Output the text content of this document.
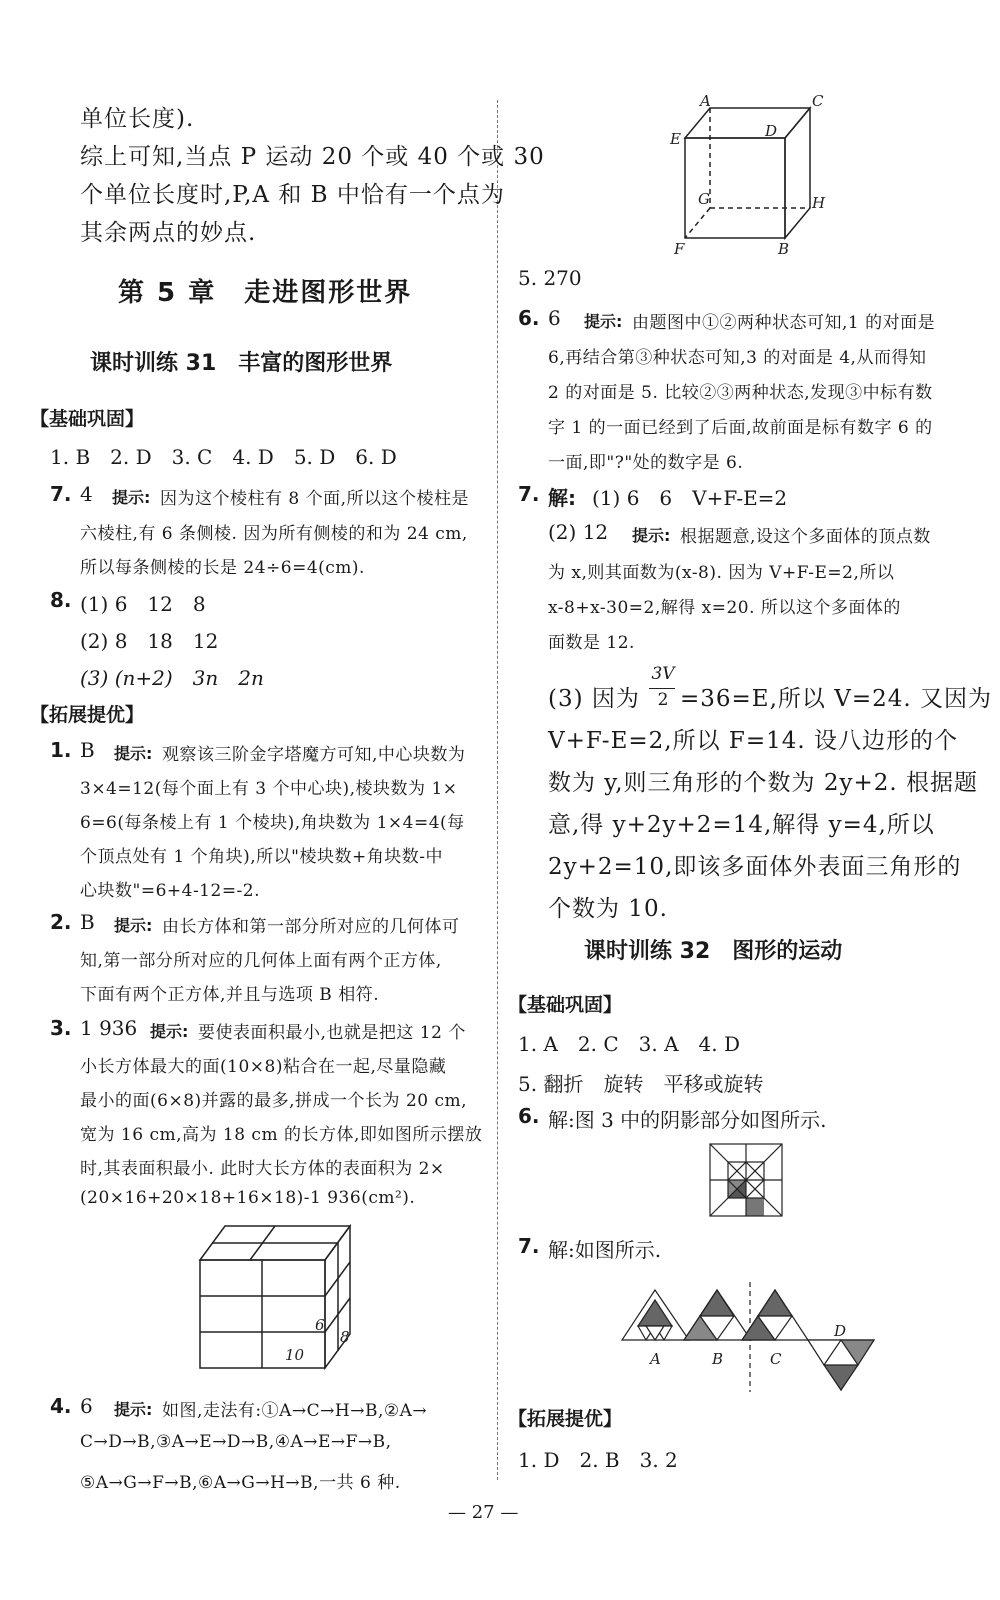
单位长度).
综上可知,当点 P 运动 20 个或 40 个或 30
个单位长度时,P,A 和 B 中恰有一个点为
其余两点的妙点.
第 5 章　走进图形世界
课时训练 31　丰富的图形世界
【基础巩固】
1. B　2. D　3. C　4. D　5. D　6. D
7. 4 提示: 因为这个棱柱有 8 个面,所以这个棱柱是
六棱柱,有 6 条侧棱. 因为所有侧棱的和为 24 cm,
所以每条侧棱的长是 24÷6=4(cm).
8. (1) 6　12　8
(2) 8　18　12
(3) (n+2)　3n　2n
【拓展提优】
1. B 提示: 观察该三阶金字塔魔方可知,中心块数为
3×4=12(每个面上有 3 个中心块),棱块数为 1×
6=6(每条棱上有 1 个棱块),角块数为 1×4=4(每
个顶点处有 1 个角块),所以"棱块数+角块数-中
心块数"=6+4-12=-2.
2. B 提示: 由长方体和第一部分所对应的几何体可
知,第一部分所对应的几何体上面有两个正方体,
下面有两个正方体,并且与选项 B 相符.
3. 1 936 提示: 要使表面积最小,也就是把这 12 个
小长方体最大的面(10×8)粘合在一起,尽量隐藏
最小的面(6×8)并露的最多,拼成一个长为 20 cm,
宽为 16 cm,高为 18 cm 的长方体,即如图所示摆放
时,其表面积最小. 此时大长方体的表面积为 2×
(20×16+20×18+16×18)-1 936(cm²).
6
8
10
4. 6 提示: 如图,走法有:①A→C→H→B,②A→
C→D→B,③A→E→D→B,④A→E→F→B,
⑤A→G→F→B,⑥A→G→H→B,一共 6 种.
A	C
E	D
G	H
F	B
5. 270
6. 6 提示: 由题图中①②两种状态可知,1 的对面是
6,再结合第③种状态可知,3 的对面是 4,从而得知
2 的对面是 5. 比较②③两种状态,发现③中标有数
字 1 的一面已经到了后面,故前面是标有数字 6 的
一面,即"?"处的数字是 6.
7. 解: (1) 6　6　V+F-E=2
(2) 12 提示: 根据题意,设这个多面体的顶点数
为 x,则其面数为(x-8). 因为 V+F-E=2,所以
x-8+x-30=2,解得 x=20. 所以这个多面体的
面数是 12.
(3) 因为
3V
2 =36=E,所以 V=24. 又因为
V+F-E=2,所以 F=14. 设八边形的个
数为 y,则三角形的个数为 2y+2. 根据题
意,得 y+2y+2=14,解得 y=4,所以
2y+2=10,即该多面体外表面三角形的
个数为 10.
课时训练 32　图形的运动
【基础巩固】
1. A　2. C　3. A　4. D
5. 翻折　旋转　平移或旋转
6. 解:图 3 中的阴影部分如图所示.
7. 解:如图所示.
A	B	C
D
【拓展提优】
1. D　2. B　3. 2
— 27 —
